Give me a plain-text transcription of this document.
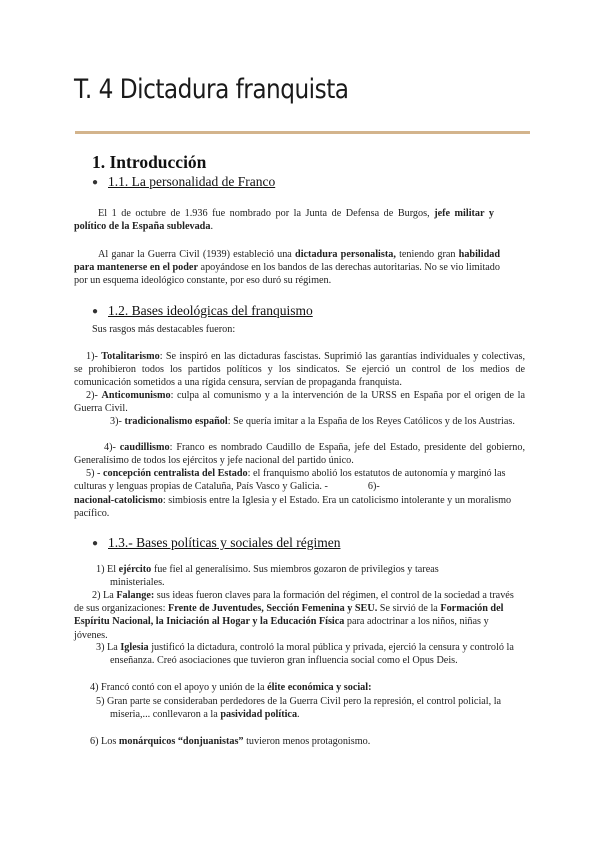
T. 4 Dictadura franquista
1. Introducción
● 1.1. La personalidad de Franco
El 1 de octubre de 1.936 fue nombrado por la Junta de Defensa de Burgos, jefe militar y político de la España sublevada.
Al ganar la Guerra Civil (1939) estableció una dictadura personalista, teniendo gran habilidad para mantenerse en el poder apoyándose en los bandos de las derechas autoritarias. No se vio limitado por un esquema ideológico constante, por eso duró su régimen.
● 1.2. Bases ideológicas del franquismo
Sus rasgos más destacables fueron:
1)- Totalitarismo: Se inspiró en las dictaduras fascistas. Suprimió las garantías individuales y colectivas, se prohibieron todos los partidos políticos y los sindicatos. Se ejerció un control de los medios de comunicación sometidos a una rígida censura, servían de propaganda franquista.
2)- Anticomunismo: culpa al comunismo y a la intervención de la URSS en España por el origen de la Guerra Civil.
3)- tradicionalismo español: Se quería imitar a la España de los Reyes Católicos y de los Austrias.
4)- caudillismo: Franco es nombrado Caudillo de España, jefe del Estado, presidente del gobierno, Generalísimo de todos los ejércitos y jefe nacional del partido único.
5) - concepción centralista del Estado: el franquismo abolió los estatutos de autonomía y marginó las culturas y lenguas propias de Cataluña, País Vasco y Galicia. -	6)-
nacional-catolicismo: simbiosis entre la Iglesia y el Estado. Era un catolicismo intolerante y un moralismo pacífico.
● 1.3.- Bases políticas y sociales del régimen
1) El ejército fue fiel al generalísimo. Sus miembros gozaron de privilegios y tareas ministeriales.
2) La Falange: sus ideas fueron claves para la formación del régimen, el control de la sociedad a través de sus organizaciones: Frente de Juventudes, Sección Femenina y SEU. Se sirvió de la Formación del Espíritu Nacional, la Iniciación al Hogar y la Educación Física para adoctrinar a los niños, niñas y jóvenes.
3) La Iglesia justificó la dictadura, controló la moral pública y privada, ejerció la censura y controló la enseñanza. Creó asociaciones que tuvieron gran influencia social como el Opus Deis.
4) Francó contó con el apoyo y unión de la élite económica y social:
5) Gran parte se consideraban perdedores de la Guerra Civil pero la represión, el control policial, la miseria,... conllevaron a la pasividad política.
6) Los monárquicos “donjuanistas” tuvieron menos protagonismo.
